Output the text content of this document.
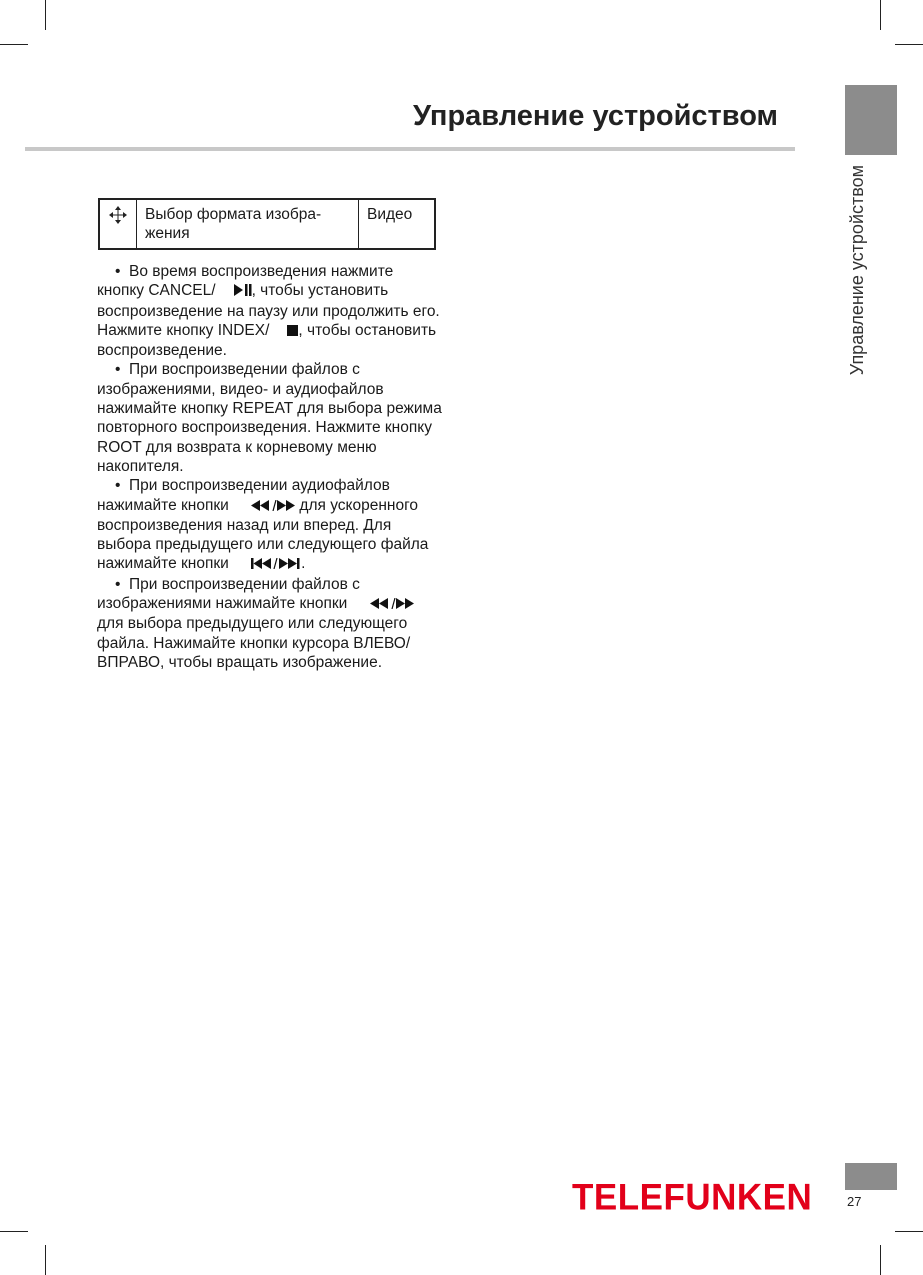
Управление устройством
Управление устройством
	Выбор формата изобра-жения	Видео

• Во время воспроизведения нажмите кнопку CANCEL/ , чтобы установить воспроизведение на паузу или продолжить его. Нажмите кнопку INDEX/ , чтобы остановить воспроизведение.

• При воспроизведении файлов с изображениями, видео- и аудиофайлов нажимайте кнопку REPEAT для выбора режима повторного воспроизведения. Нажмите кнопку ROOT для возврата к корневому меню накопителя.

• При воспроизведении аудиофайлов нажимайте кнопки	для ускоренного воспроизведения назад или вперед. Для выбора предыдущего или следующего файла нажимайте кнопки	.

• При воспроизведении файлов с изображениями нажимайте кнопки  для выбора предыдущего или следующего файла. Нажимайте кнопки курсора ВЛЕВО/ВПРАВО, чтобы вращать изображение.

TELEFUNKEN	27
